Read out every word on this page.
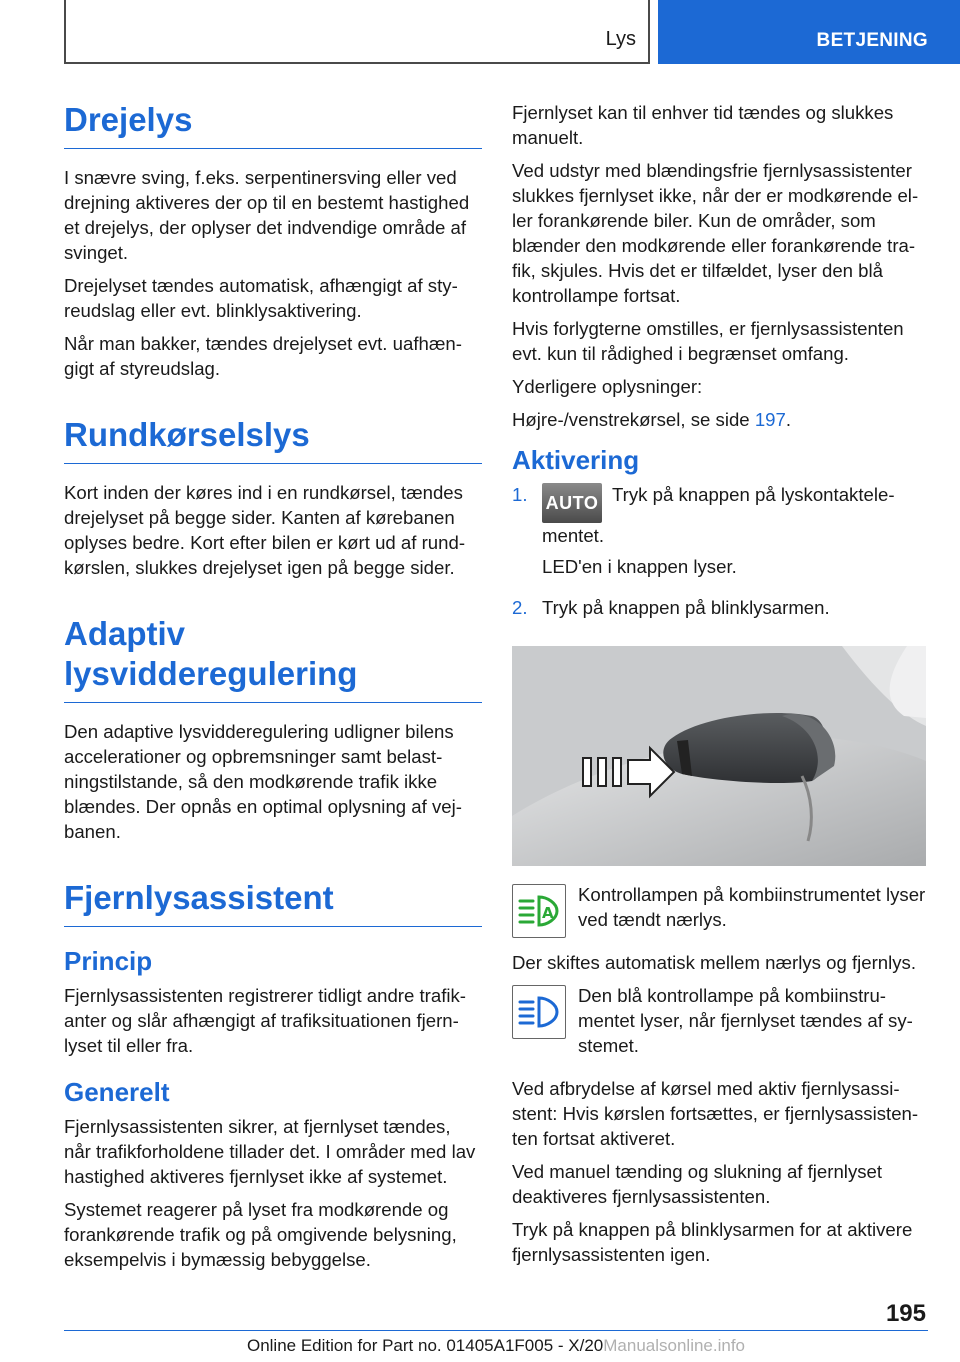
Lys	BETJENING
Drejelys

I snævre sving, f.eks. serpentinersving eller ved drejning aktiveres der op til en bestemt hastighed et drejelys, der oplyser det indvendige område af svinget.

Drejelyset tændes automatisk, afhængigt af styreudslag eller evt. blinklysaktivering.

Når man bakker, tændes drejelyset evt. uafhængigt af styreudslag.

Rundkørselslys

Kort inden der køres ind i en rundkørsel, tændes drejelyset på begge sider. Kanten af kørebanen oplyses bedre. Kort efter bilen er kørt ud af rundkørslen, slukkes drejelyset igen på begge sider.

Adaptiv lysvidderegulering

Den adaptive lysvidderegulering udligner bilens accelerationer og opbremsninger samt belastningstilstande, så den modkørende trafik ikke blændes. Der opnås en optimal oplysning af vejbanen.

Fjernlysassistent
Princip

Fjernlysassistenten registrerer tidligt andre trafikanter og slår afhængigt af trafiksituationen fjernlyset til eller fra.

Generelt

Fjernlysassistenten sikrer, at fjernlyset tændes, når trafikforholdene tillader det. I områder med lav hastighed aktiveres fjernlyset ikke af systemet.

Systemet reagerer på lyset fra modkørende og forankørende trafik og på omgivende belysning, eksempelvis i bymæssig bebyggelse.

Fjernlyset kan til enhver tid tændes og slukkes manuelt.

Ved udstyr med blændingsfrie fjernlysassistenter slukkes fjernlyset ikke, når der er modkørende eller forankørende biler. Kun de områder, som blænder den modkørende eller forankørende trafik, skjules. Hvis det er tilfældet, lyser den blå kontrollampe fortsat.

Hvis forlygterne omstilles, er fjernlysassistenten evt. kun til rådighed i begrænset omfang.

Yderligere oplysninger:

Højre-/venstrekørsel, se side 197.

Aktivering
1.	AUTO Tryk på knappen på lyskontaktelementet.

LED'en i knappen lyser.

2. Tryk på knappen på blinklysarmen.

A

Kontrollampen på kombiinstrumentet lyser ved tændt nærlys.

Der skiftes automatisk mellem nærlys og fjernlys.

Den blå kontrollampe på kombiinstrumentet lyser, når fjernlyset tændes af systemet.

Ved afbrydelse af kørsel med aktiv fjernlysassistent: Hvis kørslen fortsættes, er fjernlysassistenten fortsat aktiveret.

Ved manuel tænding og slukning af fjernlyset deaktiveres fjernlysassistenten.

Tryk på knappen på blinklysarmen for at aktivere fjernlysassistenten igen.

195
Online Edition for Part no. 01405A1F005 - X/20Manualsonline.info
